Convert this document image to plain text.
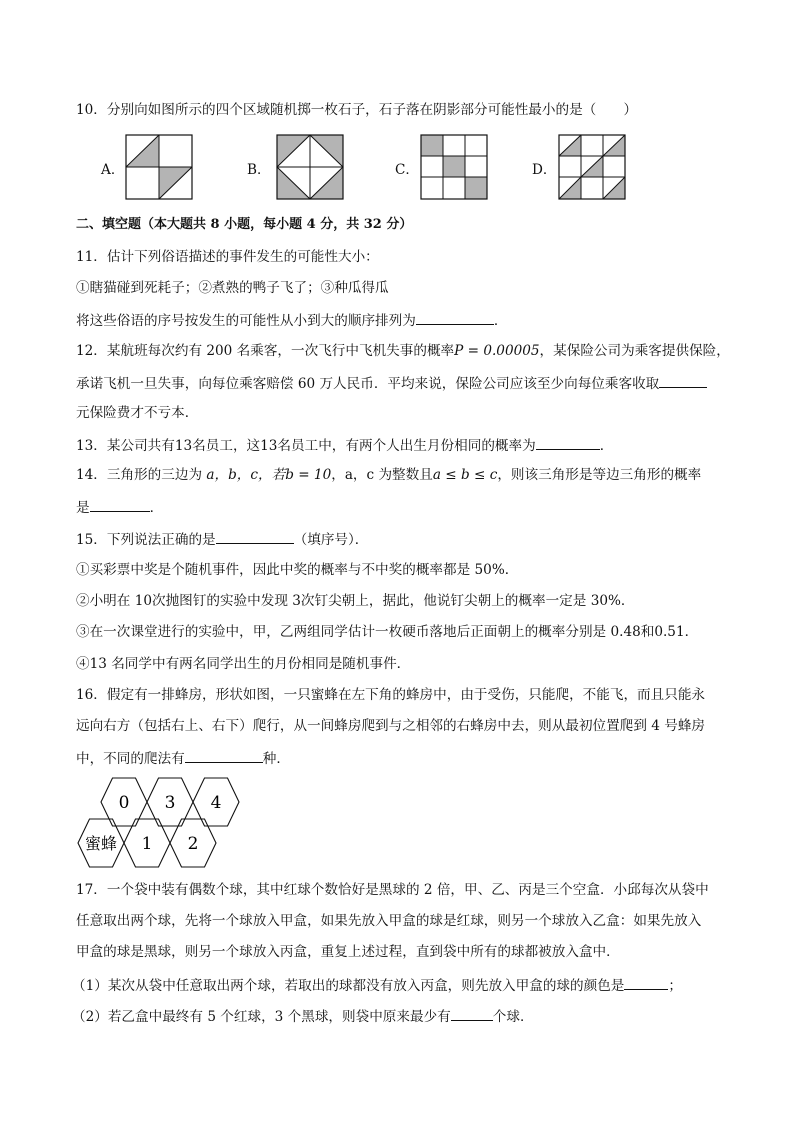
10．分别向如图所示的四个区域随机掷一枚石子，石子落在阴影部分可能性最小的是（　　）
A．	B．	C．	D．
二、填空题（本大题共 8 小题，每小题 4 分，共 32 分）
11．估计下列俗语描述的事件发生的可能性大小：
①瞎猫碰到死耗子；②煮熟的鸭子飞了；③种瓜得瓜
将这些俗语的序号按发生的可能性从小到大的顺序排列为	．
12．某航班每次约有 200 名乘客，一次飞行中飞机失事的概率P = 0.00005，某保险公司为乘客提供保险，
承诺飞机一旦失事，向每位乘客赔偿 60 万人民币．平均来说，保险公司应该至少向每位乘客收取
元保险费才不亏本．
13．某公司共有13名员工，这13名员工中，有两个人出生月份相同的概率为	．
14．三角形的三边为 a，b，c，若b = 10，a，c 为整数且a ≤ b ≤ c，则该三角形是等边三角形的概率
是	．
15．下列说法正确的是	（填序号）．
①买彩票中奖是个随机事件，因此中奖的概率与不中奖的概率都是 50%．
②小明在 10次抛图钉的实验中发现 3次钉尖朝上，据此，他说钉尖朝上的概率一定是 30%．
③在一次课堂进行的实验中，甲，乙两组同学估计一枚硬币落地后正面朝上的概率分别是 0.48和0.51．
④13 名同学中有两名同学出生的月份相同是随机事件．
16．假定有一排蜂房，形状如图，一只蜜蜂在左下角的蜂房中，由于受伤，只能爬，不能飞，而且只能永
远向右方（包括右上、右下）爬行，从一间蜂房爬到与之相邻的右蜂房中去，则从最初位置爬到 4 号蜂房
中，不同的爬法有	种．
0 3 4
蜜蜂 1 2
17．一个袋中装有偶数个球，其中红球个数恰好是黑球的 2 倍，甲、乙、丙是三个空盒．小邱每次从袋中
任意取出两个球，先将一个球放入甲盒，如果先放入甲盒的球是红球，则另一个球放入乙盒：如果先放入
甲盒的球是黑球，则另一个球放入丙盒，重复上述过程，直到袋中所有的球都被放入盒中．
（1）某次从袋中任意取出两个球，若取出的球都没有放入丙盒，则先放入甲盒的球的颜色是	；
（2）若乙盒中最终有 5 个红球，3 个黑球，则袋中原来最少有	个球．
